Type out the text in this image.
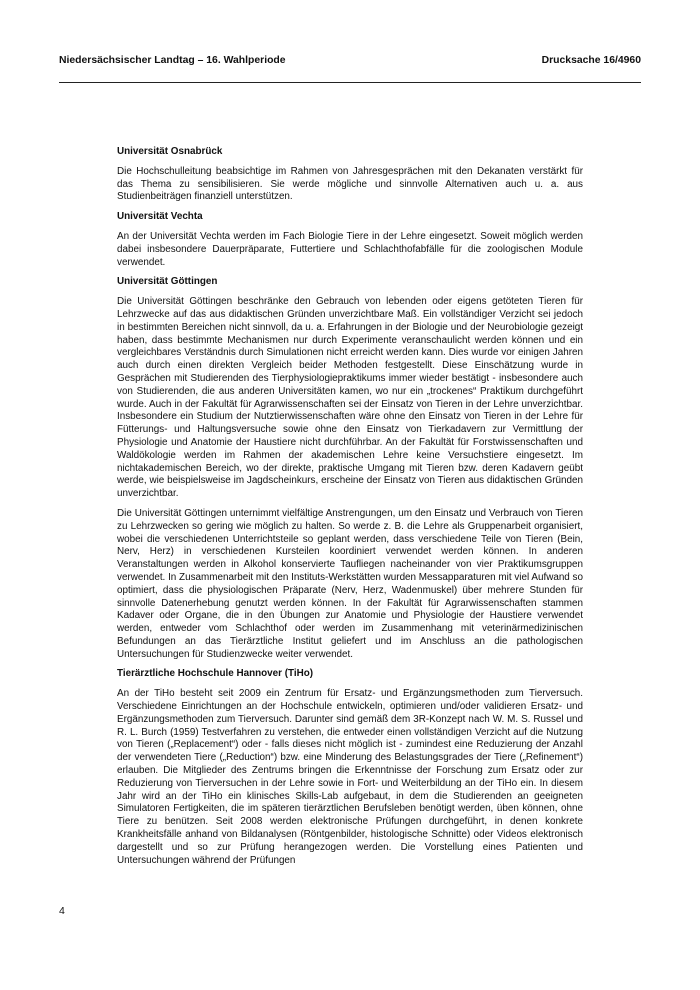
Niedersächsischer Landtag – 16. Wahlperiode	Drucksache 16/4960
Universität Osnabrück

Die Hochschulleitung beabsichtige im Rahmen von Jahresgesprächen mit den Dekanaten verstärkt für das Thema zu sensibilisieren. Sie werde mögliche und sinnvolle Alternativen auch u. a. aus Studienbeiträgen finanziell unterstützen.

Universität Vechta

An der Universität Vechta werden im Fach Biologie Tiere in der Lehre eingesetzt. Soweit möglich werden dabei insbesondere Dauerpräparate, Futtertiere und Schlachthofabfälle für die zoologischen Module verwendet.

Universität Göttingen

Die Universität Göttingen beschränke den Gebrauch von lebenden oder eigens getöteten Tieren für Lehrzwecke auf das aus didaktischen Gründen unverzichtbare Maß. Ein vollständiger Verzicht sei jedoch in bestimmten Bereichen nicht sinnvoll, da u. a. Erfahrungen in der Biologie und der Neurobiologie gezeigt haben, dass bestimmte Mechanismen nur durch Experimente veranschaulicht werden können und ein vergleichbares Verständnis durch Simulationen nicht erreicht werden kann. Dies wurde vor einigen Jahren auch durch einen direkten Vergleich beider Methoden festgestellt. Diese Einschätzung wurde in Gesprächen mit Studierenden des Tierphysiologiepraktikums immer wieder bestätigt - insbesondere auch von Studierenden, die aus anderen Universitäten kamen, wo nur ein „trockenes“ Praktikum durchgeführt wurde. Auch in der Fakultät für Agrarwissenschaften sei der Einsatz von Tieren in der Lehre unverzichtbar. Insbesondere ein Studium der Nutztierwissenschaften wäre ohne den Einsatz von Tieren in der Lehre für Fütterungs- und Haltungsversuche sowie ohne den Einsatz von Tierkadavern zur Vermittlung der Physiologie und Anatomie der Haustiere nicht durchführbar. An der Fakultät für Forstwissenschaften und Waldökologie werden im Rahmen der akademischen Lehre keine Versuchstiere eingesetzt. Im nichtakademischen Bereich, wo der direkte, praktische Umgang mit Tieren bzw. deren Kadavern geübt werde, wie beispielsweise im Jagdscheinkurs, erscheine der Einsatz von Tieren aus didaktischen Gründen unverzichtbar.

Die Universität Göttingen unternimmt vielfältige Anstrengungen, um den Einsatz und Verbrauch von Tieren zu Lehrzwecken so gering wie möglich zu halten. So werde z. B. die Lehre als Gruppenarbeit organisiert, wobei die verschiedenen Unterrichtsteile so geplant werden, dass verschiedene Teile von Tieren (Bein, Nerv, Herz) in verschiedenen Kursteilen koordiniert verwendet werden können. In anderen Veranstaltungen werden in Alkohol konservierte Taufliegen nacheinander von vier Praktikumsgruppen verwendet. In Zusammenarbeit mit den Instituts-Werkstätten wurden Messapparaturen mit viel Aufwand so optimiert, dass die physiologischen Präparate (Nerv, Herz, Wadenmuskel) über mehrere Stunden für sinnvolle Datenerhebung genutzt werden können. In der Fakultät für Agrarwissenschaften stammen Kadaver oder Organe, die in den Übungen zur Anatomie und Physiologie der Haustiere verwendet werden, entweder vom Schlachthof oder werden im Zusammenhang mit veterinärmedizinischen Befundungen an das Tierärztliche Institut geliefert und im Anschluss an die pathologischen Untersuchungen für Studienzwecke weiter verwendet.

Tierärztliche Hochschule Hannover (TiHo)

An der TiHo besteht seit 2009 ein Zentrum für Ersatz- und Ergänzungsmethoden zum Tierversuch. Verschiedene Einrichtungen an der Hochschule entwickeln, optimieren und/oder validieren Ersatz- und Ergänzungsmethoden zum Tierversuch. Darunter sind gemäß dem 3R-Konzept nach W. M. S. Russel und R. L. Burch (1959) Testverfahren zu verstehen, die entweder einen vollständigen Verzicht auf die Nutzung von Tieren („Replacement“) oder - falls dieses nicht möglich ist - zumindest eine Reduzierung der Anzahl der verwendeten Tiere („Reduction“) bzw. eine Minderung des Belastungsgrades der Tiere („Refinement“) erlauben. Die Mitglieder des Zentrums bringen die Erkenntnisse der Forschung zum Ersatz oder zur Reduzierung von Tierversuchen in der Lehre sowie in Fort- und Weiterbildung an der TiHo ein. In diesem Jahr wird an der TiHo ein klinisches Skills-Lab aufgebaut, in dem die Studierenden an geeigneten Simulatoren Fertigkeiten, die im späteren tierärztlichen Berufsleben benötigt werden, üben können, ohne Tiere zu benützen. Seit 2008 werden elektronische Prüfungen durchgeführt, in denen konkrete Krankheitsfälle anhand von Bildanalysen (Röntgenbilder, histologische Schnitte) oder Videos elektronisch dargestellt und so zur Prüfung herangezogen werden. Die Vorstellung eines Patienten und Untersuchungen während der Prüfungen

4
